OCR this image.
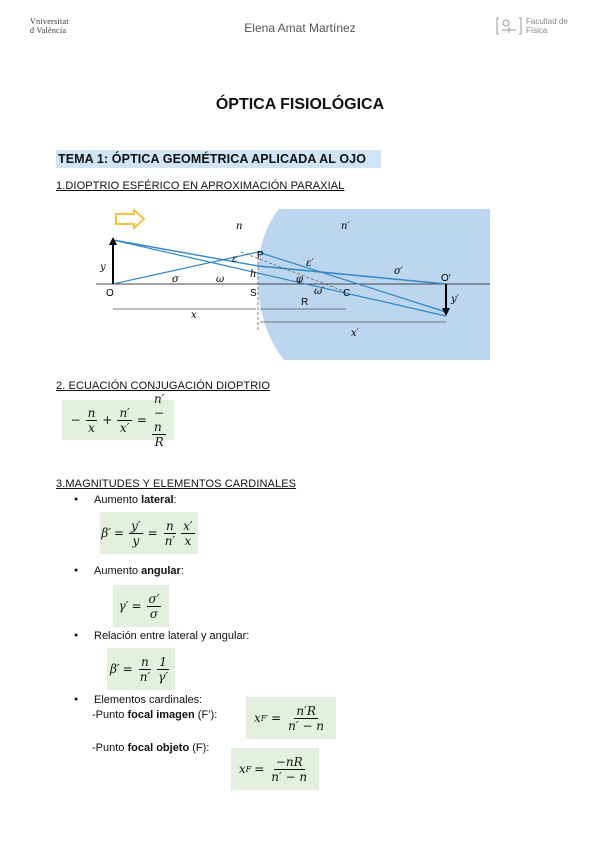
Vniversitat
d València	Elena Amat Martínez	Facultad de
Física
ÓPTICA FISIOLÓGICA
TEMA 1: ÓPTICA GEOMÉTRICA APLICADA AL OJO
1.DIOPTRIO ESFÉRICO EN APROXIMACIÓN PARAXIAL
n	n′
y
y′
O
O′
P
S	C
h
σ	ω
σ′
ε	ε′
φ
ω′
x
R
x′
2. ECUACIÓN CONJUGACIÓN DIOPTRIO
− $\frac{n}{x} + \frac{n'}{x'} = \frac{n' - n}{R}$
3.MAGNITUDES Y ELEMENTOS CARDINALES
● Aumento lateral:
$\beta' = \frac{y'}{y} = \frac{n}{n'} \frac{x'}{x}$
● Aumento angular:
$\gamma' = \frac{\sigma'}{\sigma}$
● Relación entre lateral y angular:
$\beta' = \frac{n}{n'} \frac{1}{\gamma'}$
● Elementos cardinales:
-Punto focal imagen (F’):	x $F' = \frac{n'R}{n' - n}$
-Punto focal objeto (F):
x $F = \frac{-nR}{n' - n}$
